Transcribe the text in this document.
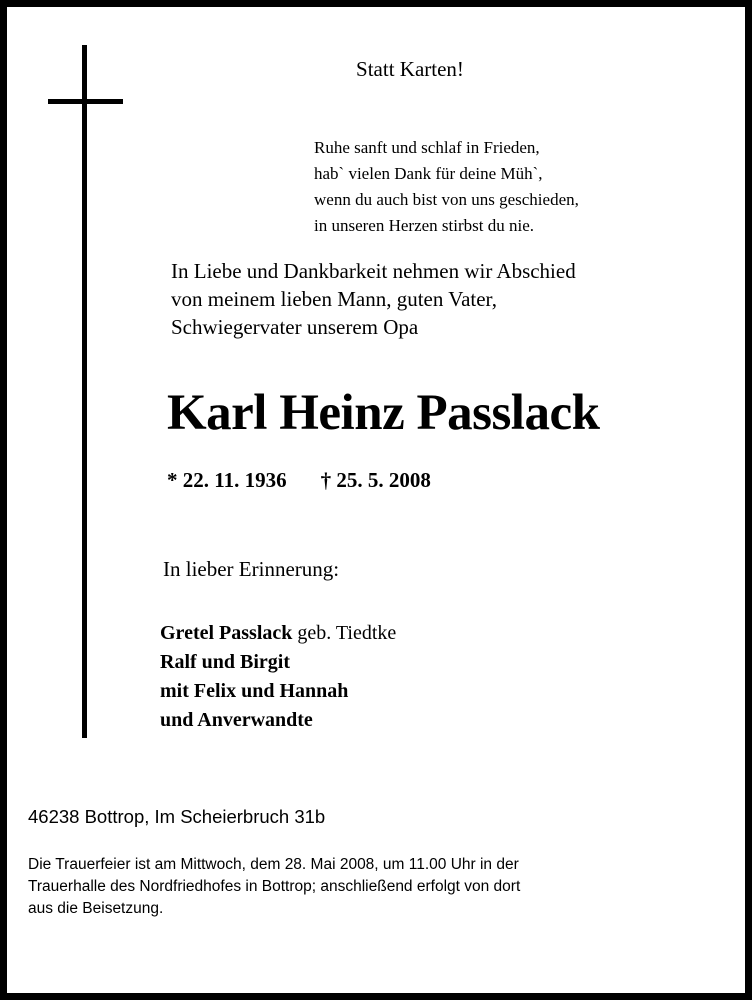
Statt Karten!
Ruhe sanft und schlaf in Frieden,
hab` vielen Dank für deine Müh`,
wenn du auch bist von uns geschieden,
in unseren Herzen stirbst du nie.
In Liebe und Dankbarkeit nehmen wir Abschied
von meinem lieben Mann, guten Vater,
Schwiegervater unserem Opa
Karl Heinz Passlack
* 22. 11. 1936 † 25. 5. 2008
In lieber Erinnerung:
Gretel Passlack geb. Tiedtke
Ralf und Birgit
mit Felix und Hannah
und Anverwandte
46238 Bottrop, Im Scheierbruch 31b
Die Trauerfeier ist am Mittwoch, dem 28. Mai 2008, um 11.00 Uhr in der
Trauerhalle des Nordfriedhofes in Bottrop; anschließend erfolgt von dort
aus die Beisetzung.
